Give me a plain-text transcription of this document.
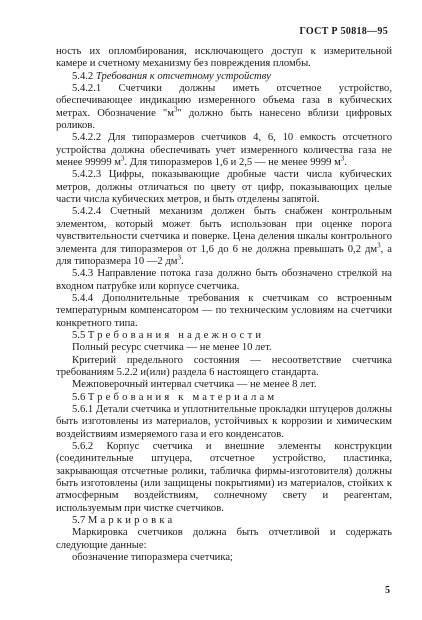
ГОСТ Р 50818—95

ность их опломбирования, исключающего доступ к измерительной камере и счетному механизму без повреждения пломбы.

5.4.2 Требования к отсчетному устройству

5.4.2.1 Счетчики должны иметь отсчетное устройство, обеспечивающее индикацию измеренного объема газа в кубических метрах. Обозначение "$м^3$" должно быть нанесено вблизи цифровых роликов.

5.4.2.2 Для типоразмеров счетчиков 4, 6, 10 емкость отсчетного устройства должна обеспечивать учет измеренного количества газа не менее 99999 $м^3$. Для типоразмеров 1,6 и 2,5 — не менее 9999 $м^3$.

5.4.2.3 Цифры, показывающие дробные части числа кубических метров, должны отличаться по цвету от цифр, показывающих целые части числа кубических метров, и быть отделены запятой.

5.4.2.4 Счетный механизм должен быть снабжен контрольным элементом, который может быть использован при оценке порога чувствительности счетчика и поверке. Цена деления шкалы контрольного элемента для типоразмеров от 1,6 до 6 не должна превышать 0,2 $дм^3$, а для типоразмера 10 —2 $дм^3$.

5.4.3 Направление потока газа должно быть обозначено стрелкой на входном патрубке или корпусе счетчика.

5.4.4 Дополнительные требования к счетчикам со встроенным температурным компенсатором — по техническим условиям на счетчики конкретного типа.

5.5 Требования надежности

Полный ресурс счетчика — не менее 10 лет.

Критерий предельного состояния — несоответствие счетчика требованиям 5.2.2 и(или) раздела 6 настоящего стандарта.

Межповерочный интервал счетчика — не менее 8 лет.

5.6 Требования к материалам

5.6.1 Детали счетчика и уплотнительные прокладки штуцеров должны быть изготовлены из материалов, устойчивых к коррозии и химическим воздействиям измеряемого газа и его конденсатов.

5.6.2 Корпус счетчика и внешние элементы конструкции (соединительные штуцера, отсчетное устройство, пластинка, закрывающая отсчетные ролики, табличка фирмы-изготовителя) должны быть изготовлены (или защищены покрытиями) из материалов, стойких к атмосферным воздействиям, солнечному свету и реагентам, используемым при чистке счетчиков.

5.7 Маркировка

Маркировка счетчиков должна быть отчетливой и содержать следующие данные:

обозначение типоразмера счетчика;

5
